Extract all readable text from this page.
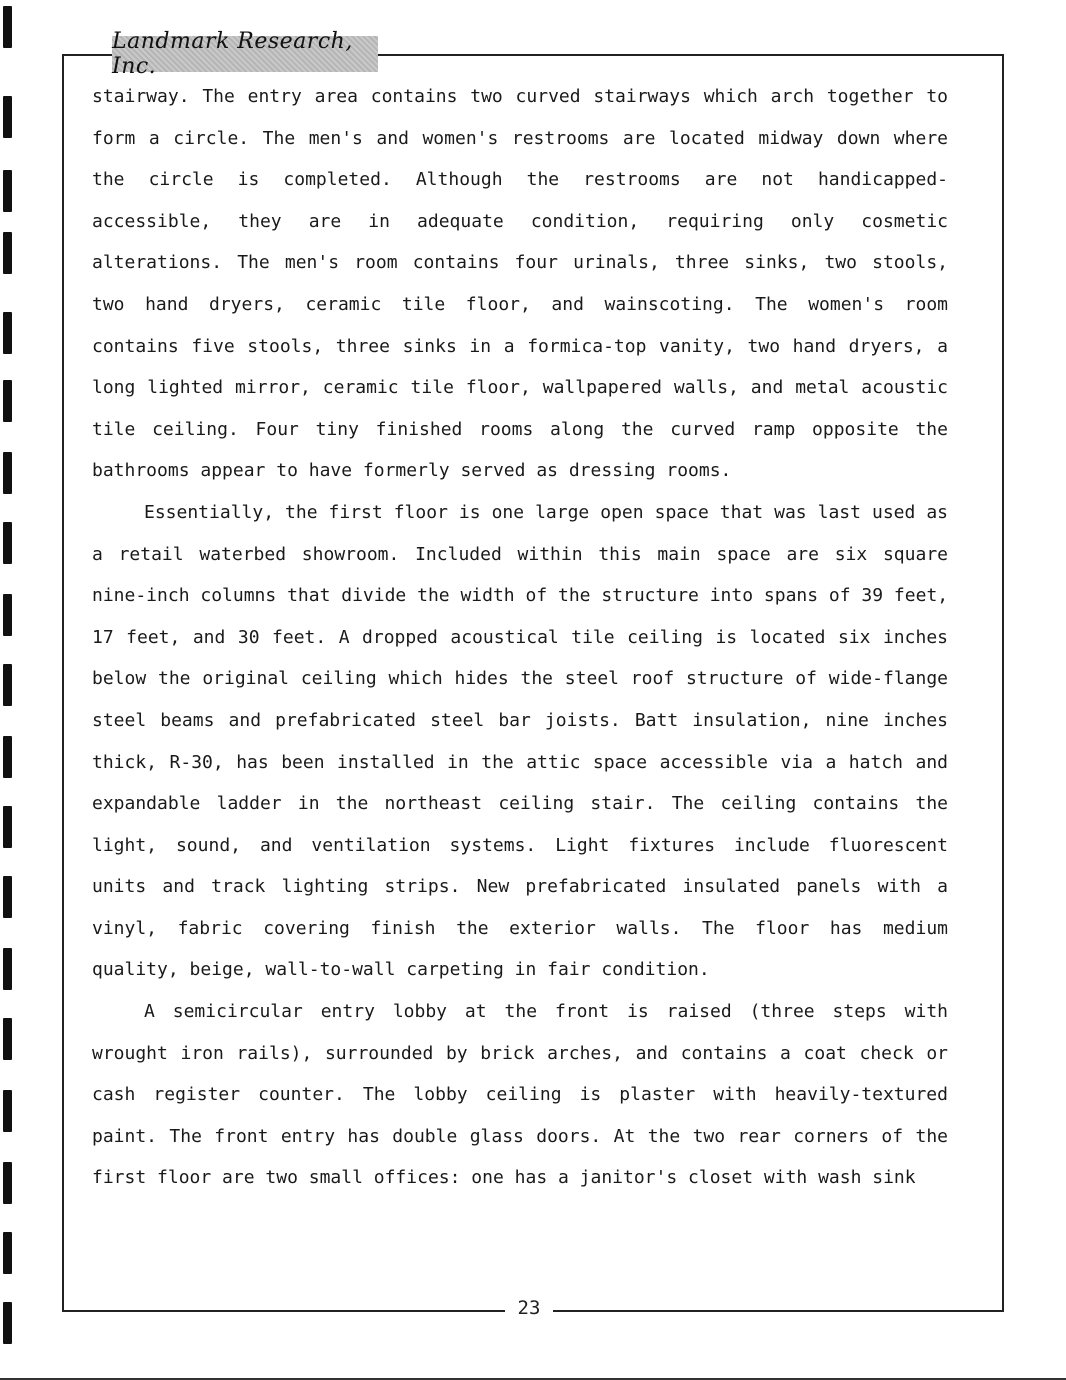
Landmark Research, Inc.
stairway. The entry area contains two curved stairways which arch together to
form a circle. The men's and women's restrooms are located midway down where
the circle is completed. Although the restrooms are not handicapped-
accessible, they are in adequate condition, requiring only cosmetic
alterations. The men's room contains four urinals, three sinks, two stools,
two hand dryers, ceramic tile floor, and wainscoting. The women's room
contains five stools, three sinks in a formica-top vanity, two hand dryers, a
long lighted mirror, ceramic tile floor, wallpapered walls, and metal acoustic
tile ceiling. Four tiny finished rooms along the curved ramp opposite the
bathrooms appear to have formerly served as dressing rooms.
Essentially, the first floor is one large open space that was last used as
a retail waterbed showroom. Included within this main space are six square
nine-inch columns that divide the width of the structure into spans of 39 feet,
17 feet, and 30 feet. A dropped acoustical tile ceiling is located six inches
below the original ceiling which hides the steel roof structure of wide-flange
steel beams and prefabricated steel bar joists. Batt insulation, nine inches
thick, R-30, has been installed in the attic space accessible via a hatch and
expandable ladder in the northeast ceiling stair. The ceiling contains the
light, sound, and ventilation systems. Light fixtures include fluorescent
units and track lighting strips. New prefabricated insulated panels with a
vinyl, fabric covering finish the exterior walls. The floor has medium
quality, beige, wall-to-wall carpeting in fair condition.
A semicircular entry lobby at the front is raised (three steps with
wrought iron rails), surrounded by brick arches, and contains a coat check or
cash register counter. The lobby ceiling is plaster with heavily-textured
paint. The front entry has double glass doors. At the two rear corners of the
first floor are two small offices: one has a janitor's closet with wash sink
23
